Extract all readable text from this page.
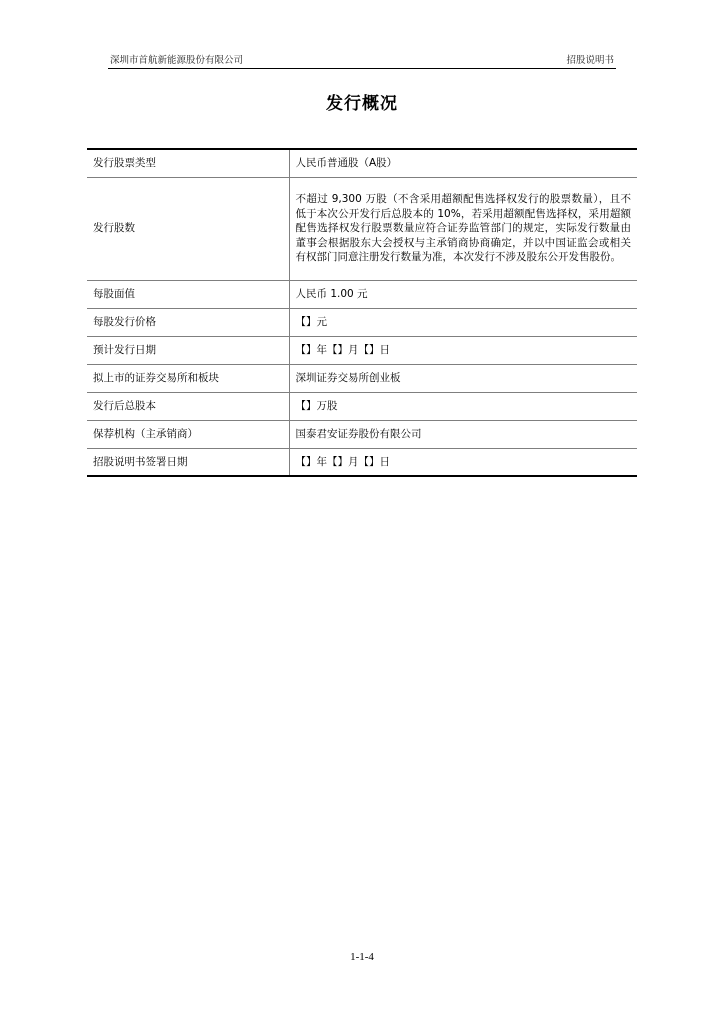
深圳市首航新能源股份有限公司	招股说明书
发行概况
发行股票类型	人民币普通股（A股）
发行股数	不超过 9,300 万股（不含采用超额配售选择权发行的股票数量），且不低于本次公开发行后总股本的 10%，若采用超额配售选择权，采用超额配售选择权发行股票数量应符合证券监管部门的规定，实际发行数量由董事会根据股东大会授权与主承销商协商确定，并以中国证监会或相关有权部门同意注册发行数量为准，本次发行不涉及股东公开发售股份。
每股面值	人民币 1.00 元
每股发行价格	【】元
预计发行日期	【】年【】月【】日
拟上市的证券交易所和板块	深圳证券交易所创业板
发行后总股本	【】万股
保荐机构（主承销商）	国泰君安证券股份有限公司
招股说明书签署日期	【】年【】月【】日
1-1-4
